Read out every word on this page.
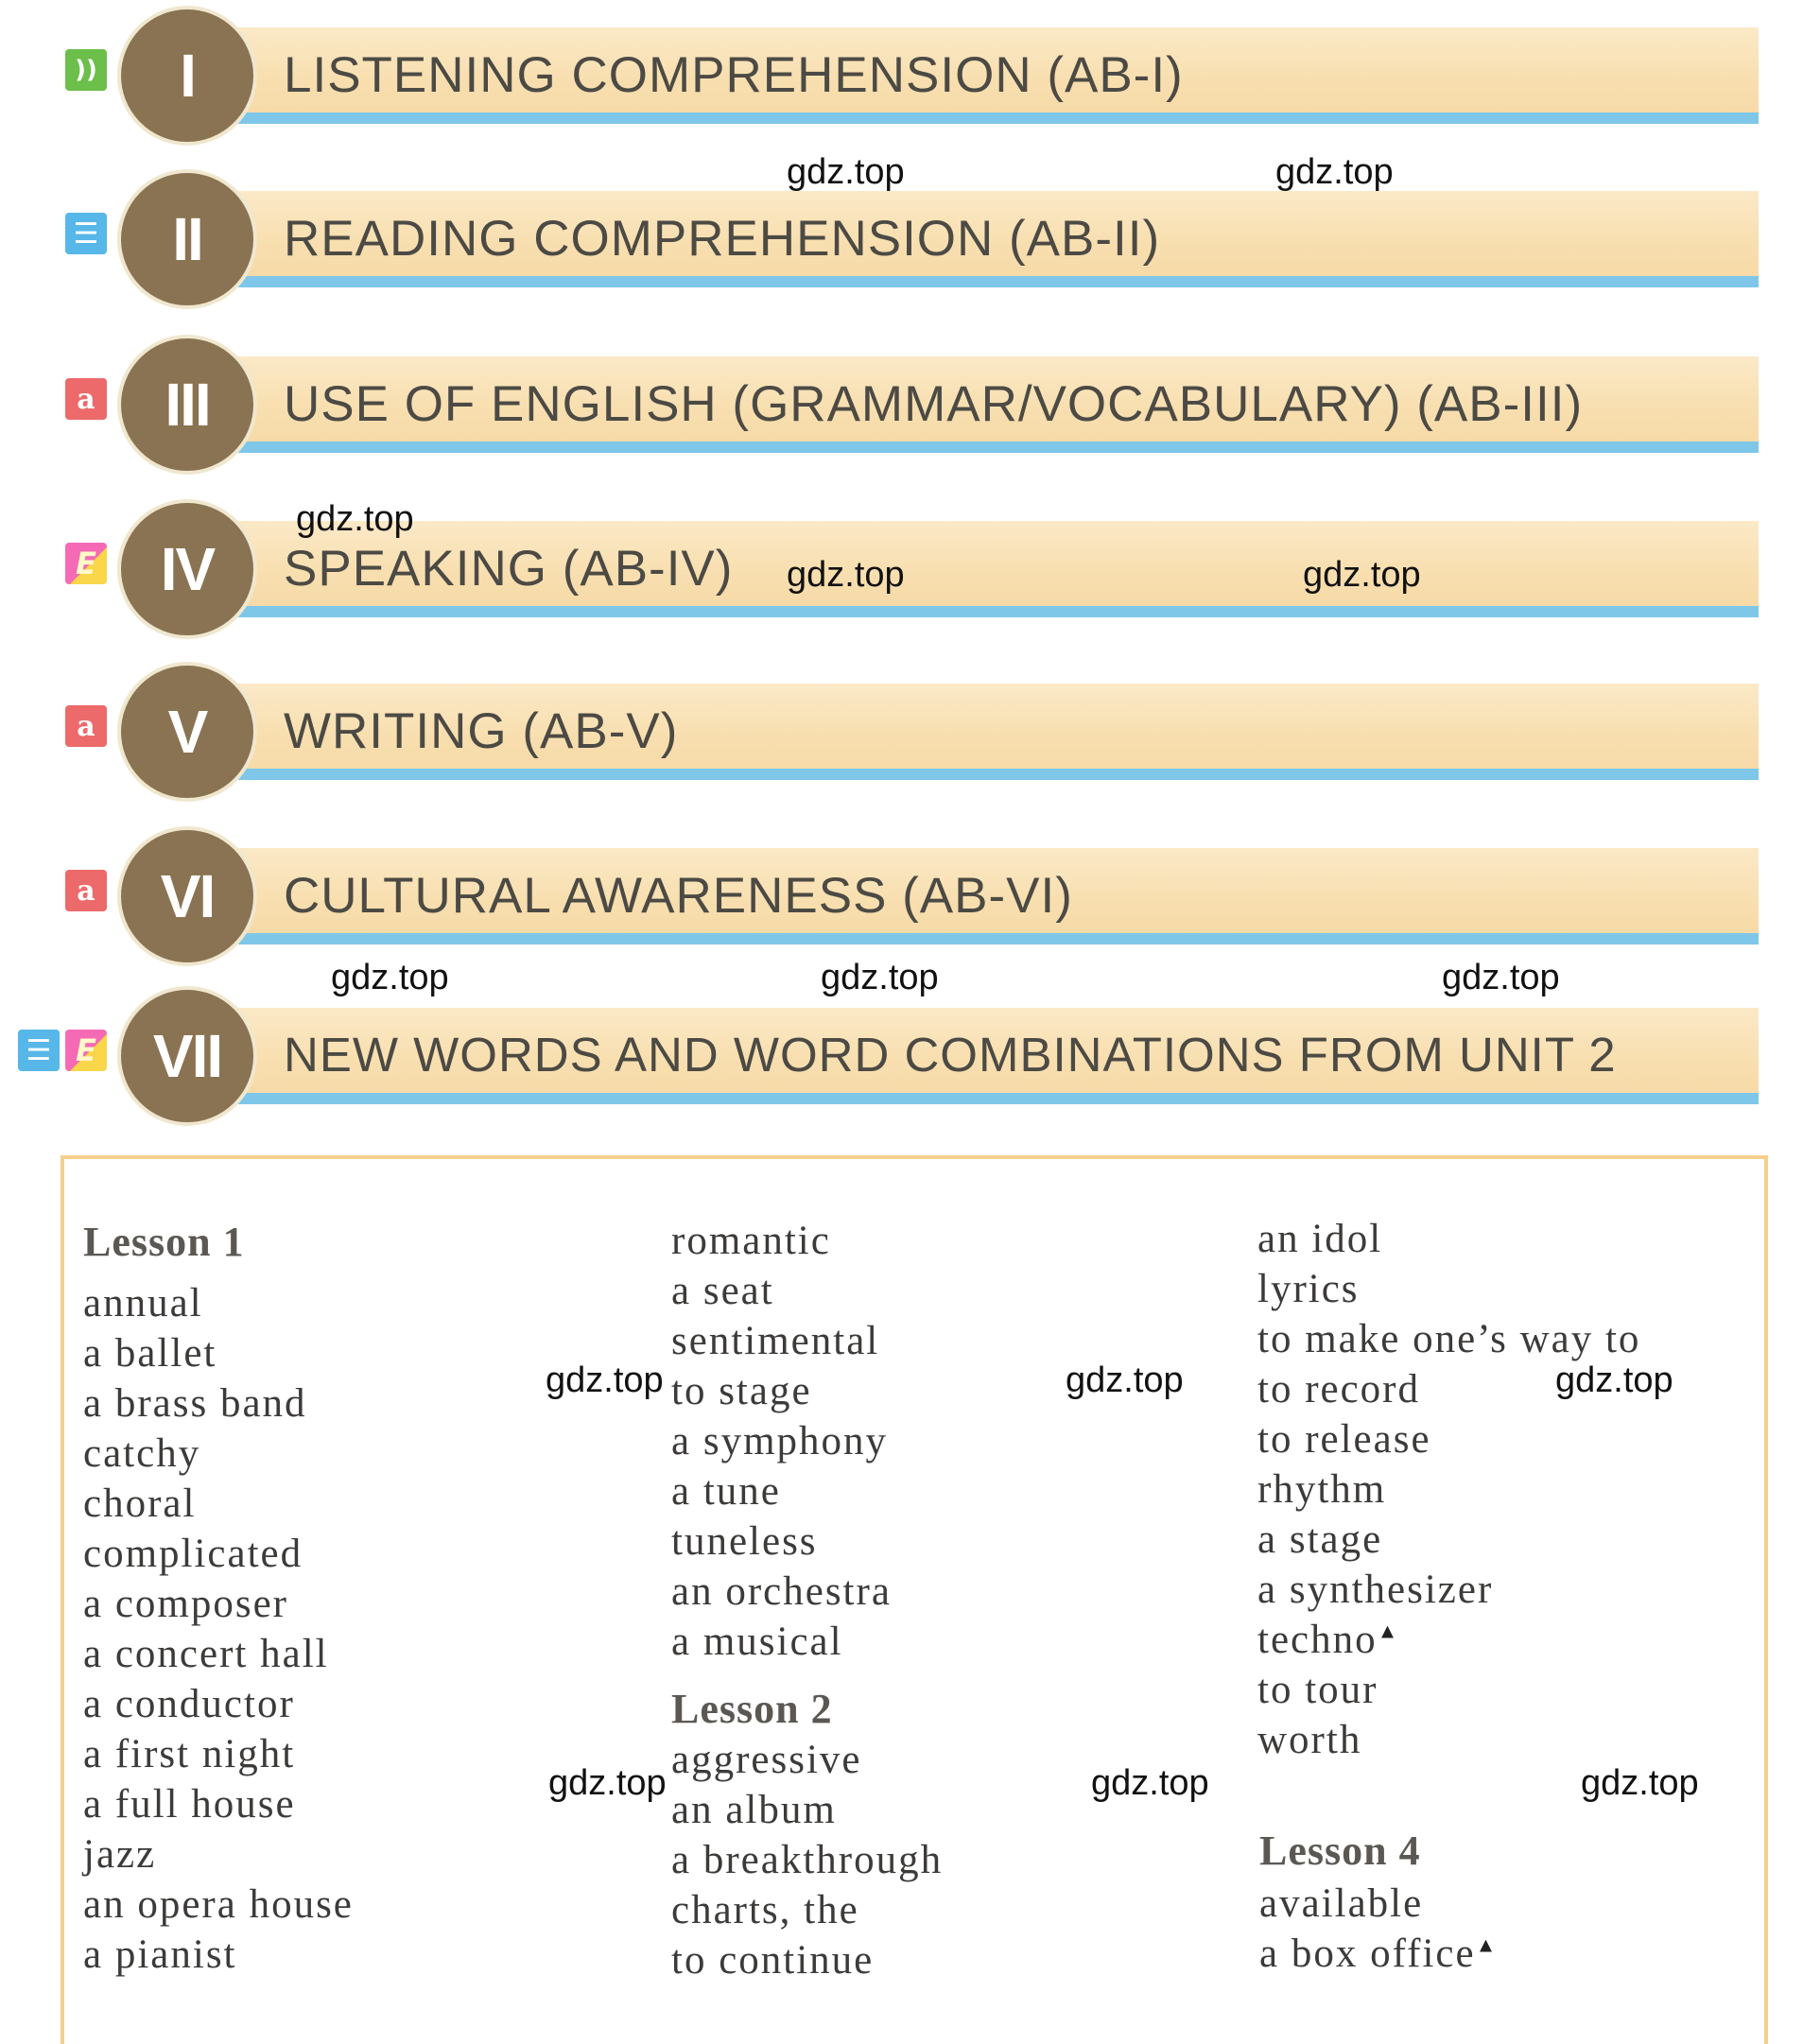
))	I	LISTENING COMPREHENSION (AB-I)
☰	II	READING COMPREHENSION (AB-II)
a	III	USE OF ENGLISH (GRAMMAR/VOCABULARY) (AB-III)
E	IV	SPEAKING (AB-IV)
a	V	WRITING (AB-V)
a	VI	CULTURAL AWARENESS (AB-VI)
☰ E VII	NEW WORDS AND WORD COMBINATIONS FROM UNIT 2
Lesson 1
annual
a ballet
a brass band
catchy
choral
complicated
a composer
a concert hall
a conductor
a first night
a full house
jazz
an opera house
a pianist
romantic
a seat
sentimental
to stage
a symphony
a tune
tuneless
an orchestra
a musical
Lesson 2
aggressive
an album
a breakthrough
charts, the
to continue
an idol
lyrics
to make one’s way to
to record
to release
rhythm
a stage
a synthesizer
techno▲
to tour
worth
Lesson 4
available
a box office▲
gdz.top	gdz.top
gdz.top
gdz.top	gdz.top
gdz.top	gdz.top	gdz.top
gdz.top	gdz.top	gdz.top
gdz.top	gdz.top	gdz.top
